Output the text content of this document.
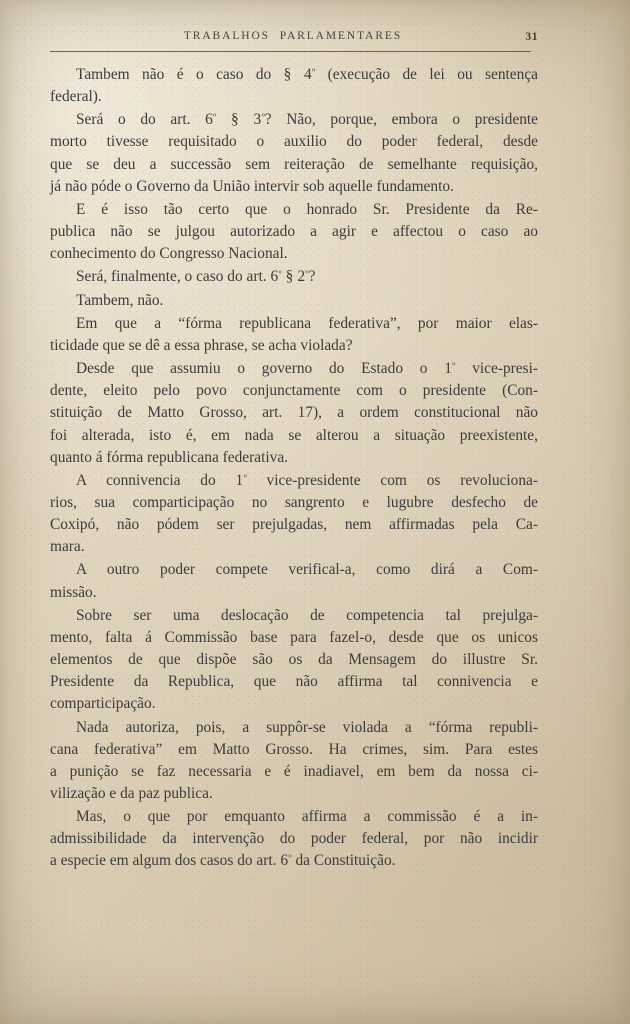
TRABALHOS PARLAMENTARES	31

Tambem não é o caso do § $4^º$ (execução de lei ou sentença
federal).

Será o do art. $6^º$ § $3^º$? Não, porque, embora o presidente
morto tivesse requisitado o auxilio do poder federal, desde
que se deu a successão sem reiteração de semelhante requisição,
já não póde o Governo da União intervir sob aquelle fundamento.

E é isso tão certo que o honrado Sr. Presidente da Re-
publica não se julgou autorizado a agir e affectou o caso ao
conhecimento do Congresso Nacional.

Será, finalmente, o caso do art. $6^º$ § $2^º$?

Tambem, não.

Em que a “fórma republicana federativa”, por maior elas-
ticidade que se dê a essa phrase, se acha violada?

Desde que assumiu o governo do Estado o $1^º$ vice-presi-
dente, eleito pelo povo conjunctamente com o presidente (Con-
stituição de Matto Grosso, art. 17), a ordem constitucional não
foi alterada, isto é, em nada se alterou a situação preexistente,
quanto á fórma republicana federativa.

A connivencia do $1^º$ vice-presidente com os revoluciona-
rios, sua comparticipação no sangrento e lugubre desfecho de
Coxipó, não pódem ser prejulgadas, nem affirmadas pela Ca-
mara.

A outro poder compete verifical-a, como dirá a Com-
missão.

Sobre ser uma deslocação de competencia tal prejulga-
mento, falta á Commissão base para fazel-o, desde que os unicos
elementos de que dispõe são os da Mensagem do illustre Sr.
Presidente da Republica, que não affirma tal connivencia e
comparticipação.

Nada autoriza, pois, a suppôr-se violada a “fórma republi-
cana federativa” em Matto Grosso. Ha crimes, sim. Para estes
a punição se faz necessaria e é inadiavel, em bem da nossa ci-
vilização e da paz publica.

Mas, o que por emquanto affirma a commissão é a in-
admissibilidade da intervenção do poder federal, por não incidir
a especie em algum dos casos do art. $6^º$ da Constituição.
